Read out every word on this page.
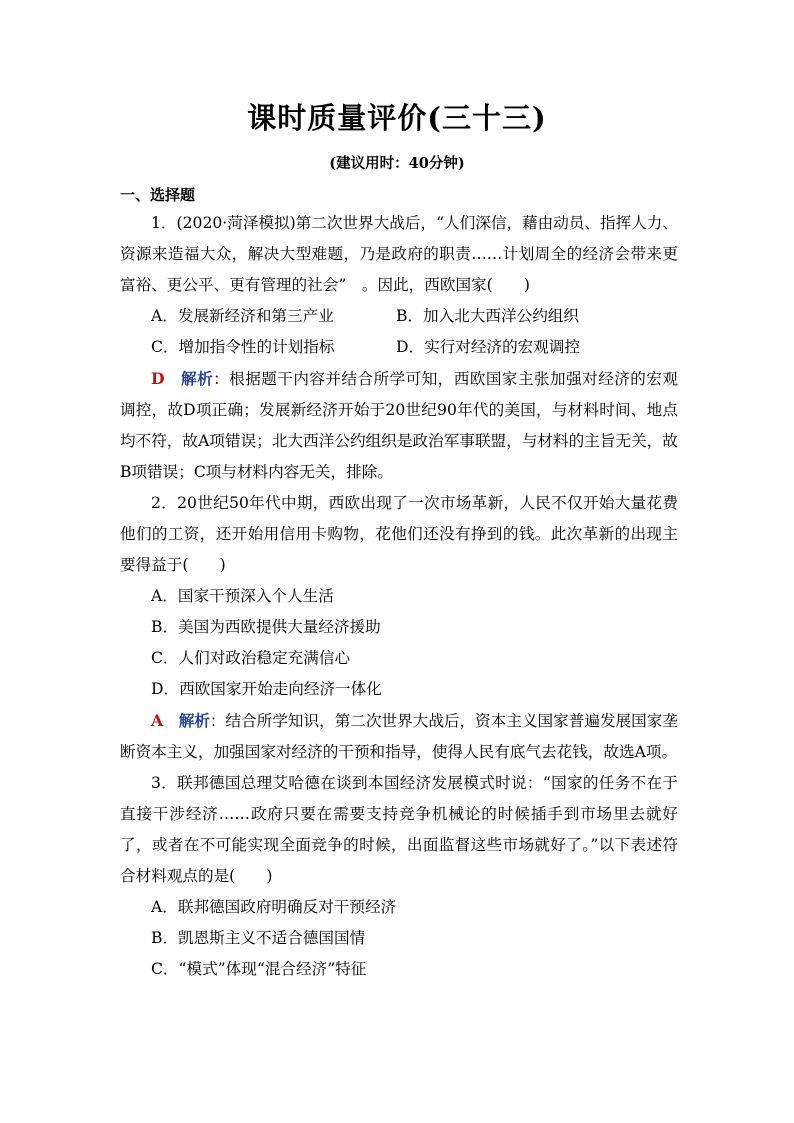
课时质量评价(三十三)
(建议用时：40分钟)
一、选择题

1．(2020·菏泽模拟)第二次世界大战后，“人们深信，藉由动员、指挥人力、资源来造福大众，解决大型难题，乃是政府的职责……计划周全的经济会带来更富裕、更公平、更有管理的社会”　。因此，西欧国家(　　)

A．发展新经济和第三产业	B．加入北大西洋公约组织
C．增加指令性的计划指标	D．实行对经济的宏观调控

D　 解析：根据题干内容并结合所学可知，西欧国家主张加强对经济的宏观调控，故D项正确；发展新经济开始于20世纪90年代的美国，与材料时间、地点均不符，故A项错误；北大西洋公约组织是政治军事联盟，与材料的主旨无关，故B项错误；C项与材料内容无关，排除。

2．20世纪50年代中期，西欧出现了一次市场革新，人民不仅开始大量花费他们的工资，还开始用信用卡购物，花他们还没有挣到的钱。此次革新的出现主要得益于(　　)

A．国家干预深入个人生活

B．美国为西欧提供大量经济援助

C．人们对政治稳定充满信心

D．西欧国家开始走向经济一体化

A　 解析：结合所学知识，第二次世界大战后，资本主义国家普遍发展国家垄断资本主义，加强国家对经济的干预和指导，使得人民有底气去花钱，故选A项。

3．联邦德国总理艾哈德在谈到本国经济发展模式时说：“国家的任务不在于直接干涉经济……政府只要在需要支持竞争机械论的时候插手到市场里去就好了，或者在不可能实现全面竞争的时候，出面监督这些市场就好了。”以下表述符合材料观点的是(　　)

A．联邦德国政府明确反对干预经济

B．凯恩斯主义不适合德国国情

C．“模式”体现“混合经济”特征
